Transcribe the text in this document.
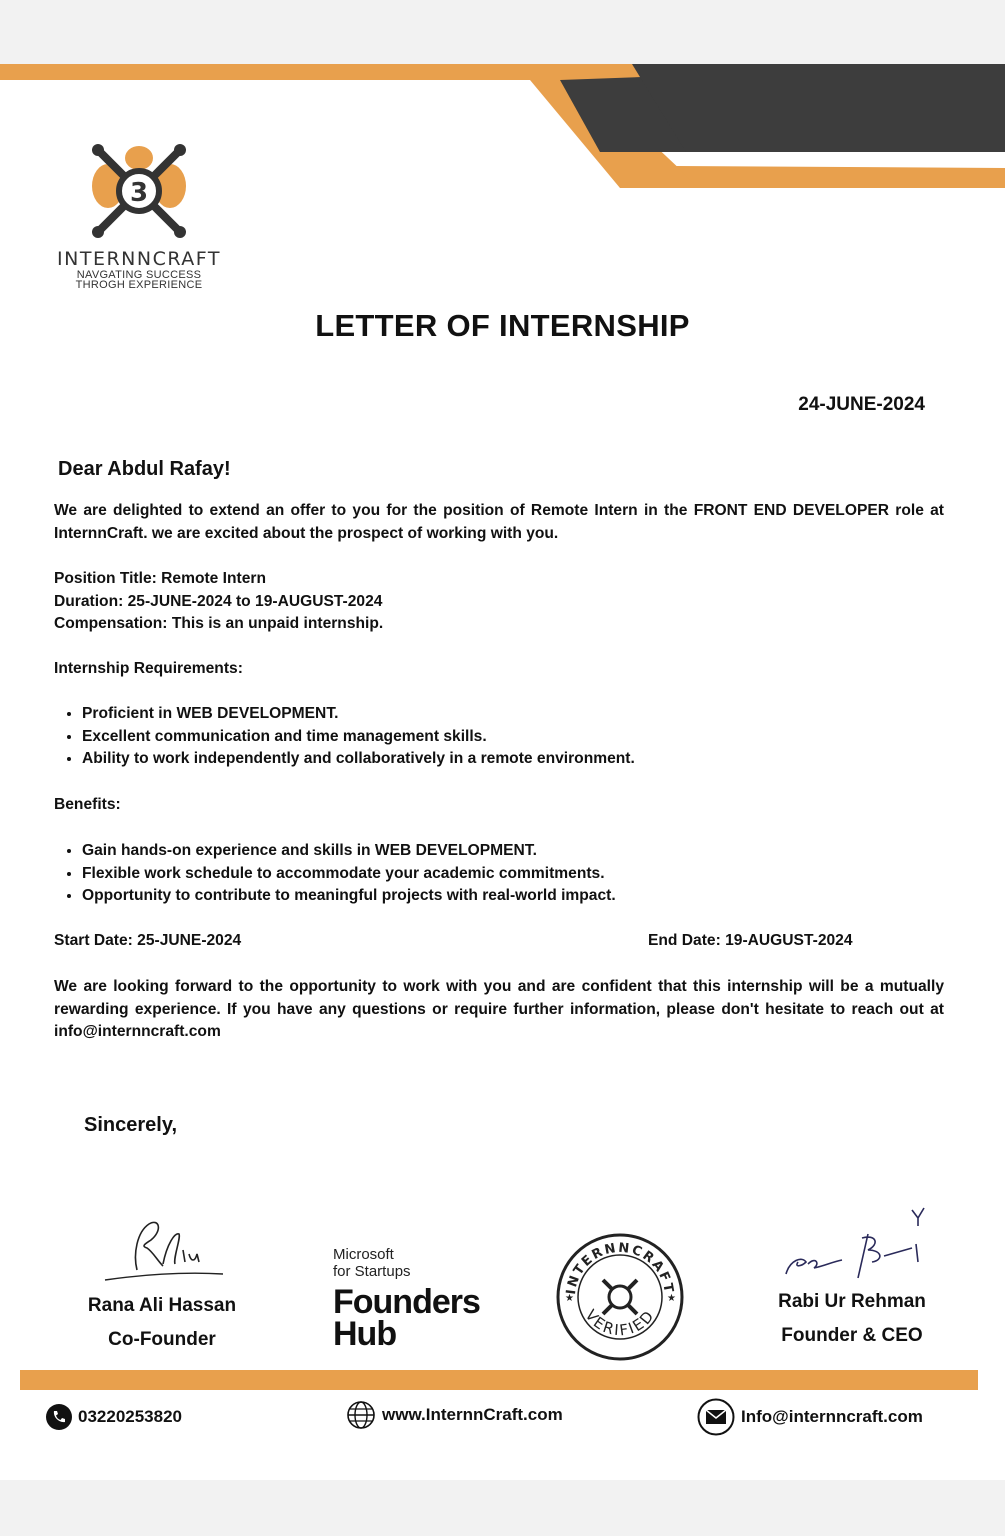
3
INTERNNCRAFT
NAVGATING SUCCESS
THROGH EXPERIENCE
LETTER OF INTERNSHIP
24-JUNE-2024
Dear Abdul Rafay!
We are delighted to extend an offer to you for the position of Remote Intern in the FRONT END DEVELOPER role at InternnCraft. we are excited about the prospect of working with you.
Position Title: Remote Intern
Duration: 25-JUNE-2024 to 19-AUGUST-2024
Compensation: This is an unpaid internship.
Internship Requirements:
• Proficient in WEB DEVELOPMENT.
• Excellent communication and time management skills.
• Ability to work independently and collaboratively in a remote environment.
Benefits:
• Gain hands-on experience and skills in WEB DEVELOPMENT.
• Flexible work schedule to accommodate your academic commitments.
• Opportunity to contribute to meaningful projects with real-world impact.
Start Date: 25-JUNE-2024	End Date: 19-AUGUST-2024
We are looking forward to the opportunity to work with you and are confident that this internship will be a mutually rewarding experience. If you have any questions or require further information, please don't hesitate to reach out at info@internncraft.com
Sincerely,
Rana Ali Hassan
Co-Founder
Microsoft
for Startups
Founders
Hub
INTERNNCRAFT
VERIFIED
★	★	Rabi Ur Rehman
Founder & CEO
03220253820	www.InternnCraft.com	Info@internncraft.com
